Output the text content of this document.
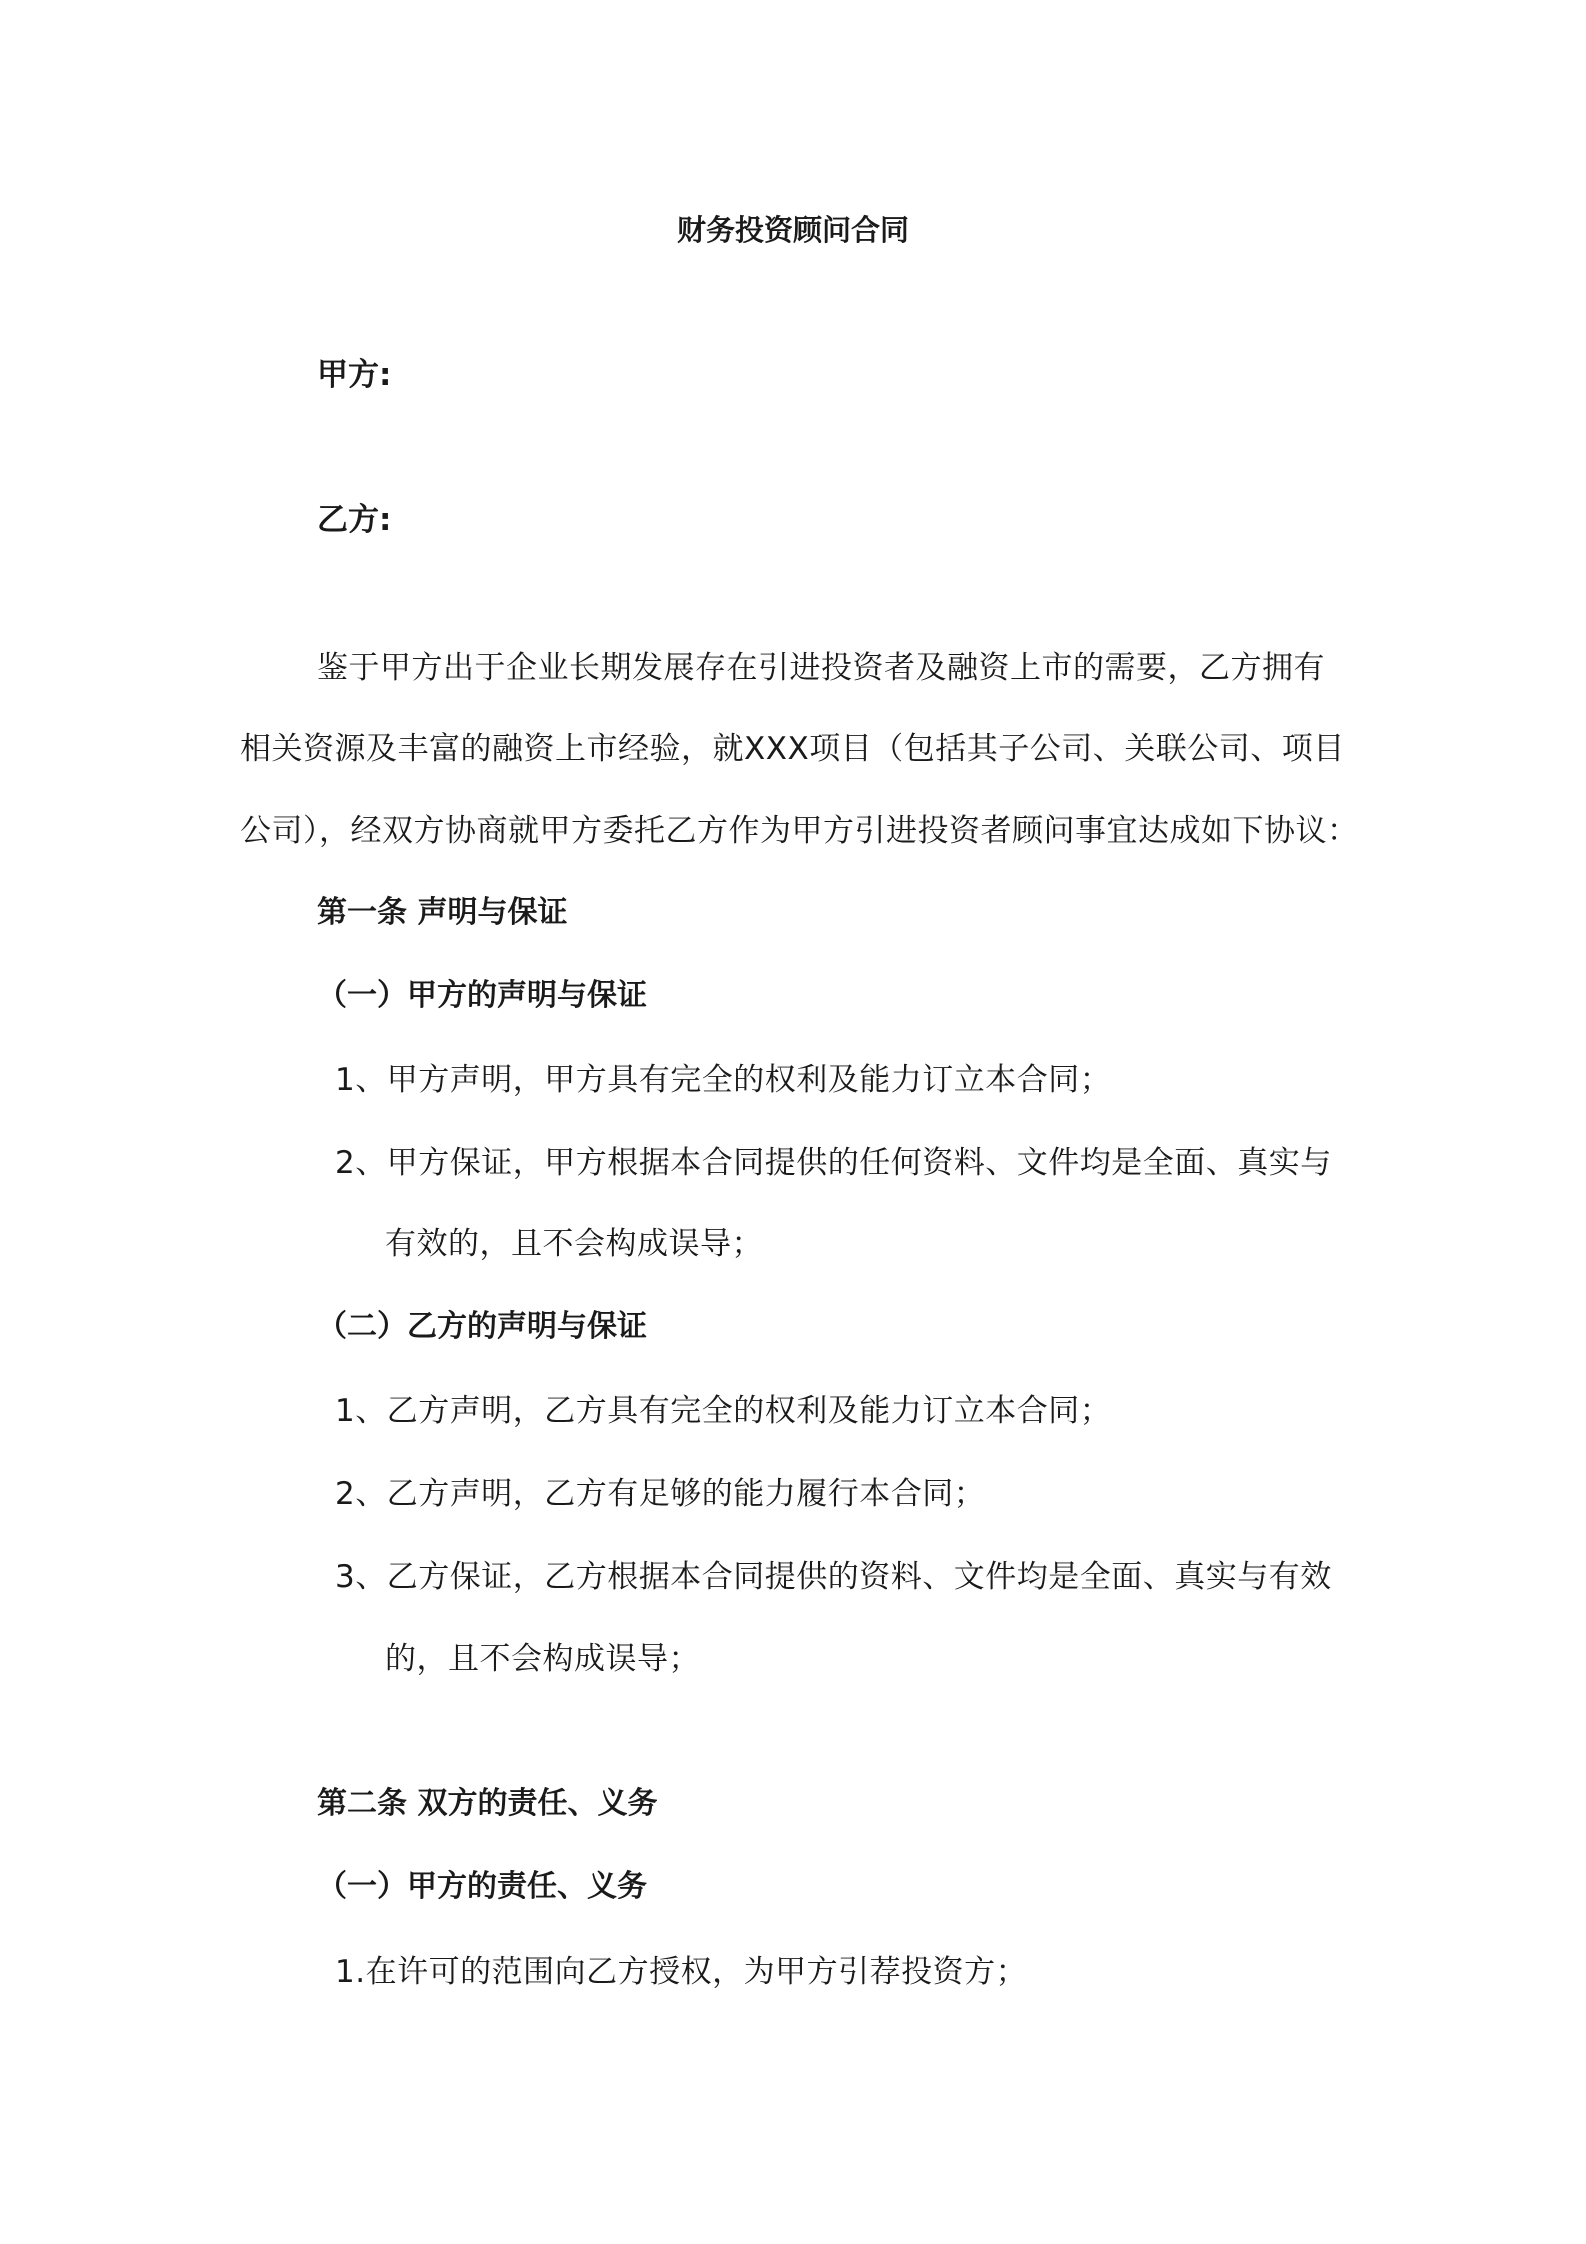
财务投资顾问合同
甲方:
乙方:
鉴于甲方出于企业长期发展存在引进投资者及融资上市的需要，乙方拥有
相关资源及丰富的融资上市经验，就XXX项目（包括其子公司、关联公司、项目
公司），经双方协商就甲方委托乙方作为甲方引进投资者顾问事宜达成如下协议：
第一条 声明与保证
（一）甲方的声明与保证
1、甲方声明，甲方具有完全的权利及能力订立本合同；
2、甲方保证，甲方根据本合同提供的任何资料、文件均是全面、真实与
有效的，且不会构成误导；
（二）乙方的声明与保证
1、乙方声明，乙方具有完全的权利及能力订立本合同；
2、乙方声明，乙方有足够的能力履行本合同；
3、乙方保证，乙方根据本合同提供的资料、文件均是全面、真实与有效
的，且不会构成误导；
第二条 双方的责任、义务
（一）甲方的责任、义务
1.在许可的范围向乙方授权，为甲方引荐投资方；
